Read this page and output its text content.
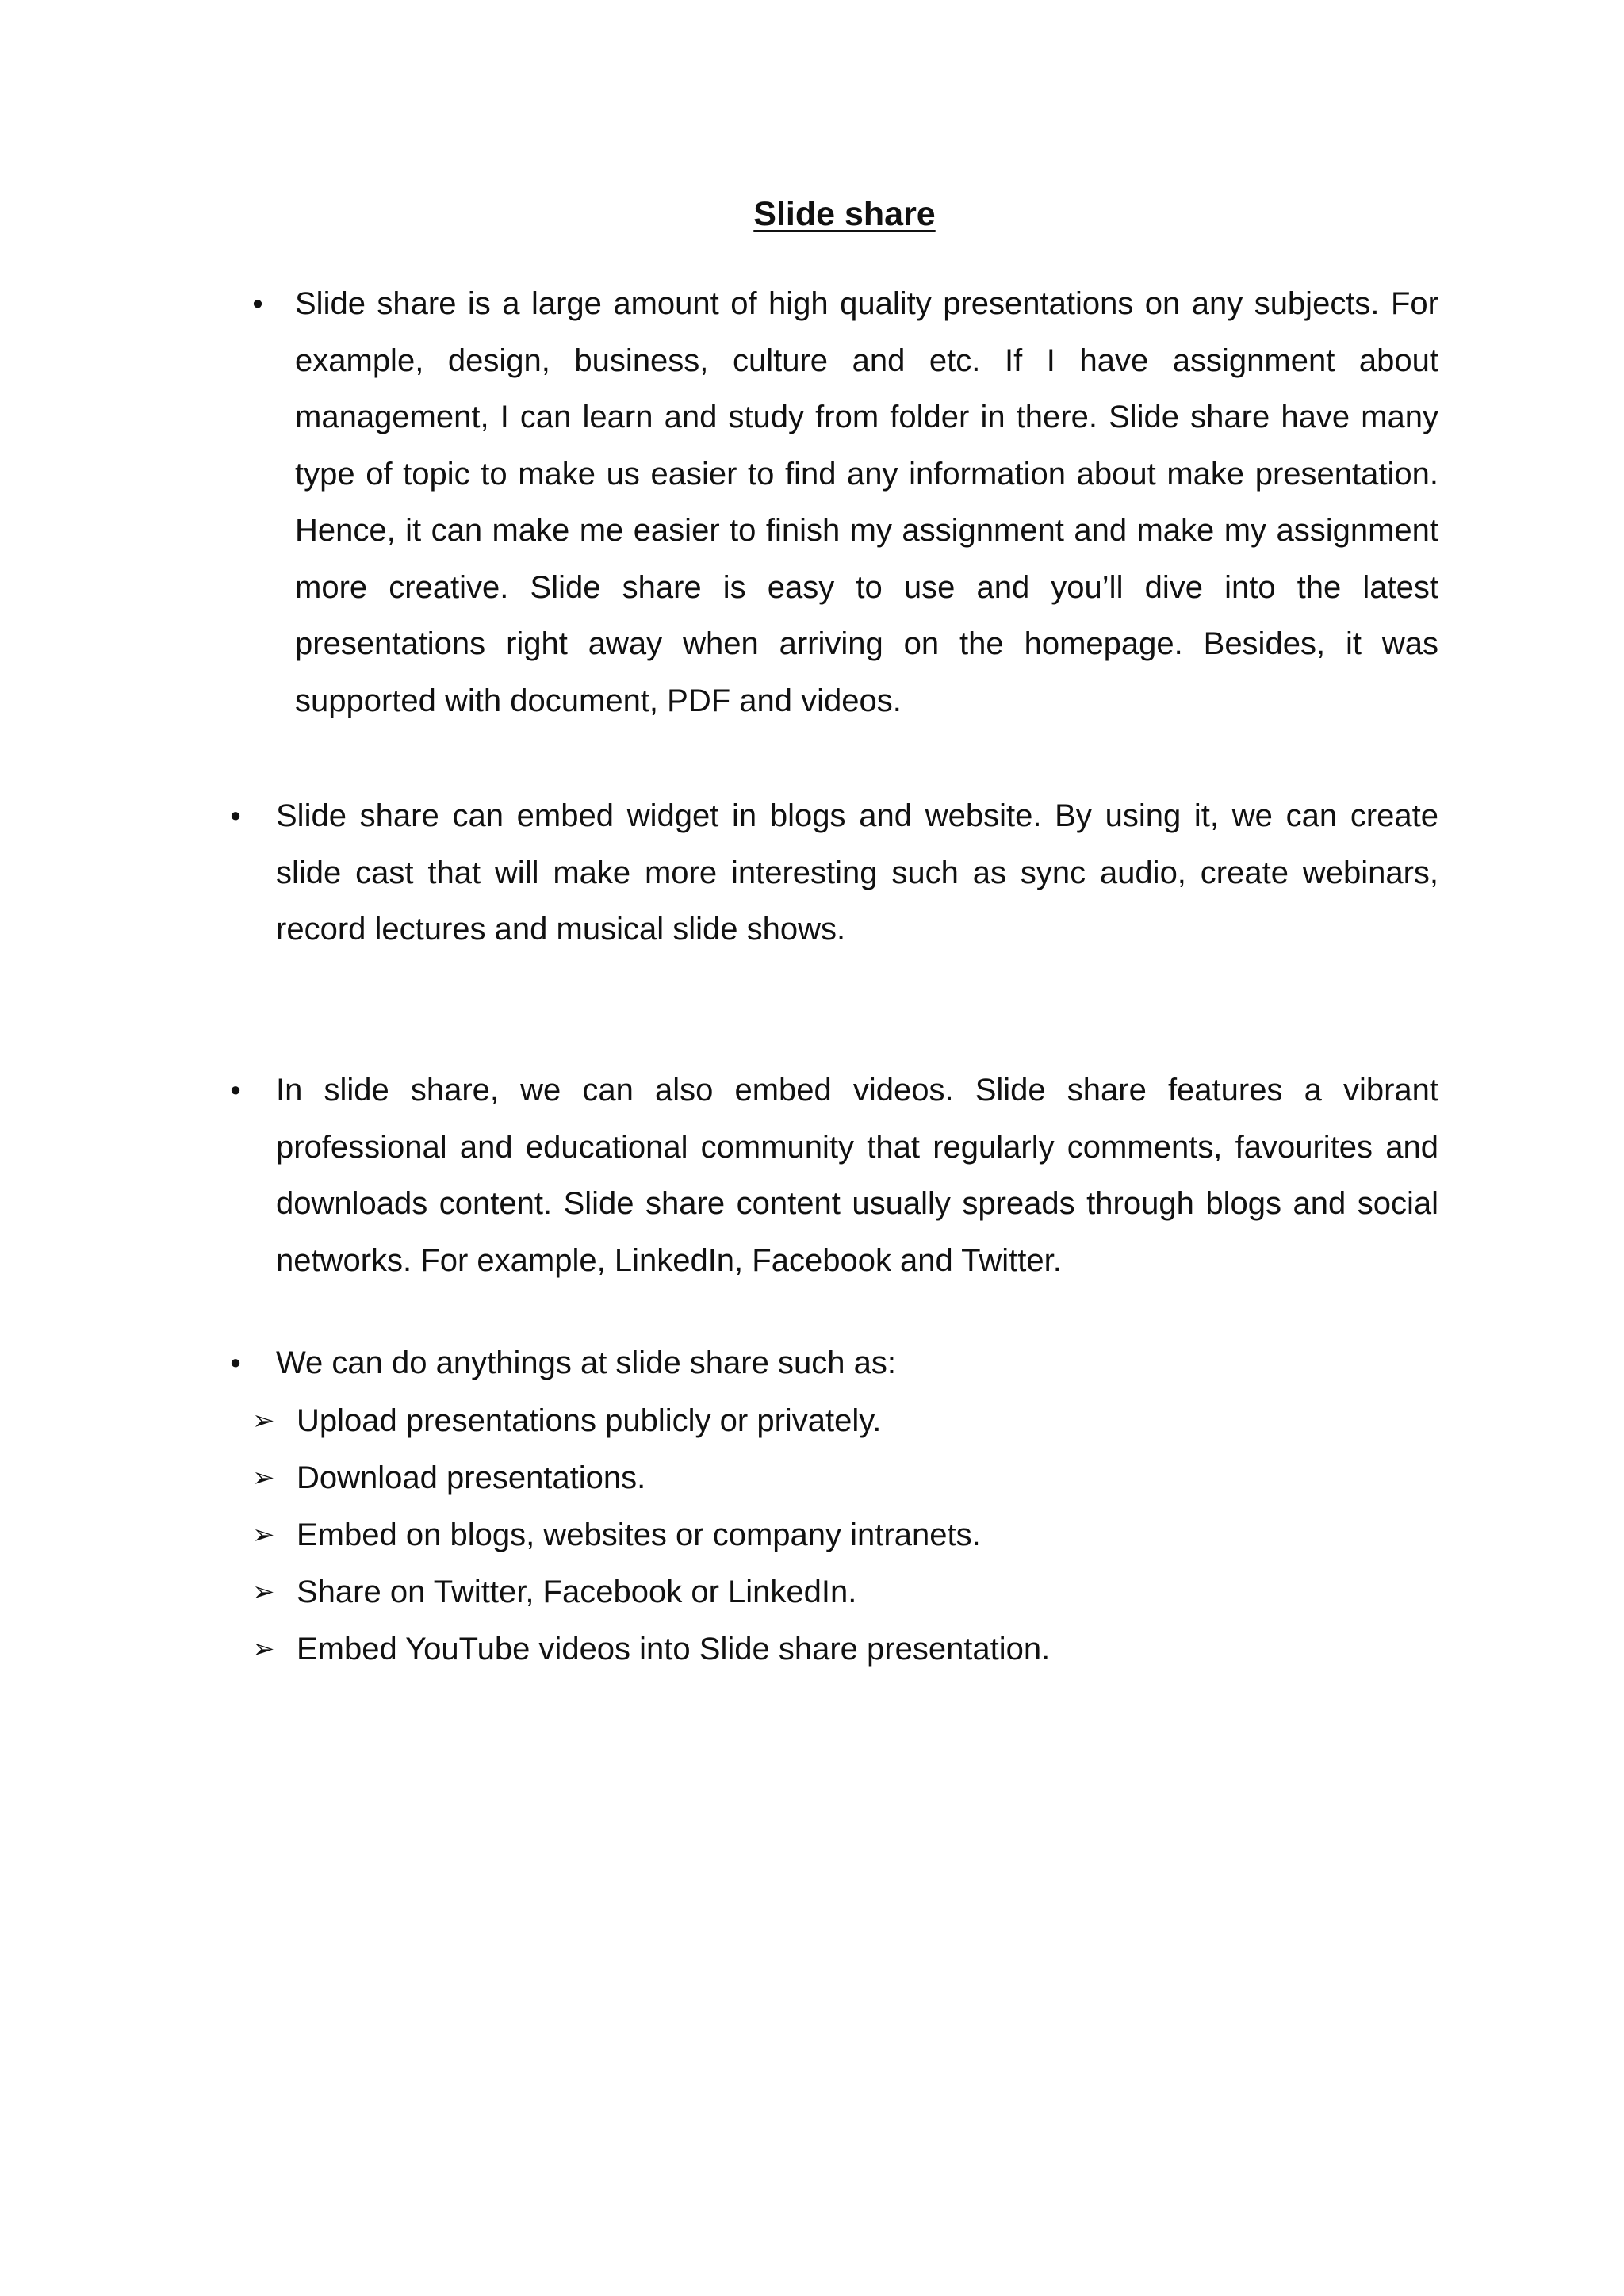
Slide share
• Slide share is a large amount of high quality presentations on any subjects. For example, design, business, culture and etc. If I have assignment about management, I can learn and study from folder in there. Slide share have many type of topic to make us easier to find any information about make presentation. Hence, it can make me easier to finish my assignment and make my assignment more creative. Slide share is easy to use and you’ll dive into the latest presentations right away when arriving on the homepage. Besides, it was supported with document, PDF and videos.

• Slide share can embed widget in blogs and website. By using it, we can create slide cast that will make more interesting such as sync audio, create webinars, record lectures and musical slide shows.

• In slide share, we can also embed videos. Slide share features a vibrant professional and educational community that regularly comments, favourites and downloads content. Slide share content usually spreads through blogs and social networks. For example, LinkedIn, Facebook and Twitter.

• We can do anythings at slide share such as:

➢ Upload presentations publicly or privately.
➢ Download presentations.
➢ Embed on blogs, websites or company intranets.
➢ Share on Twitter, Facebook or LinkedIn.
➢ Embed YouTube videos into Slide share presentation.
